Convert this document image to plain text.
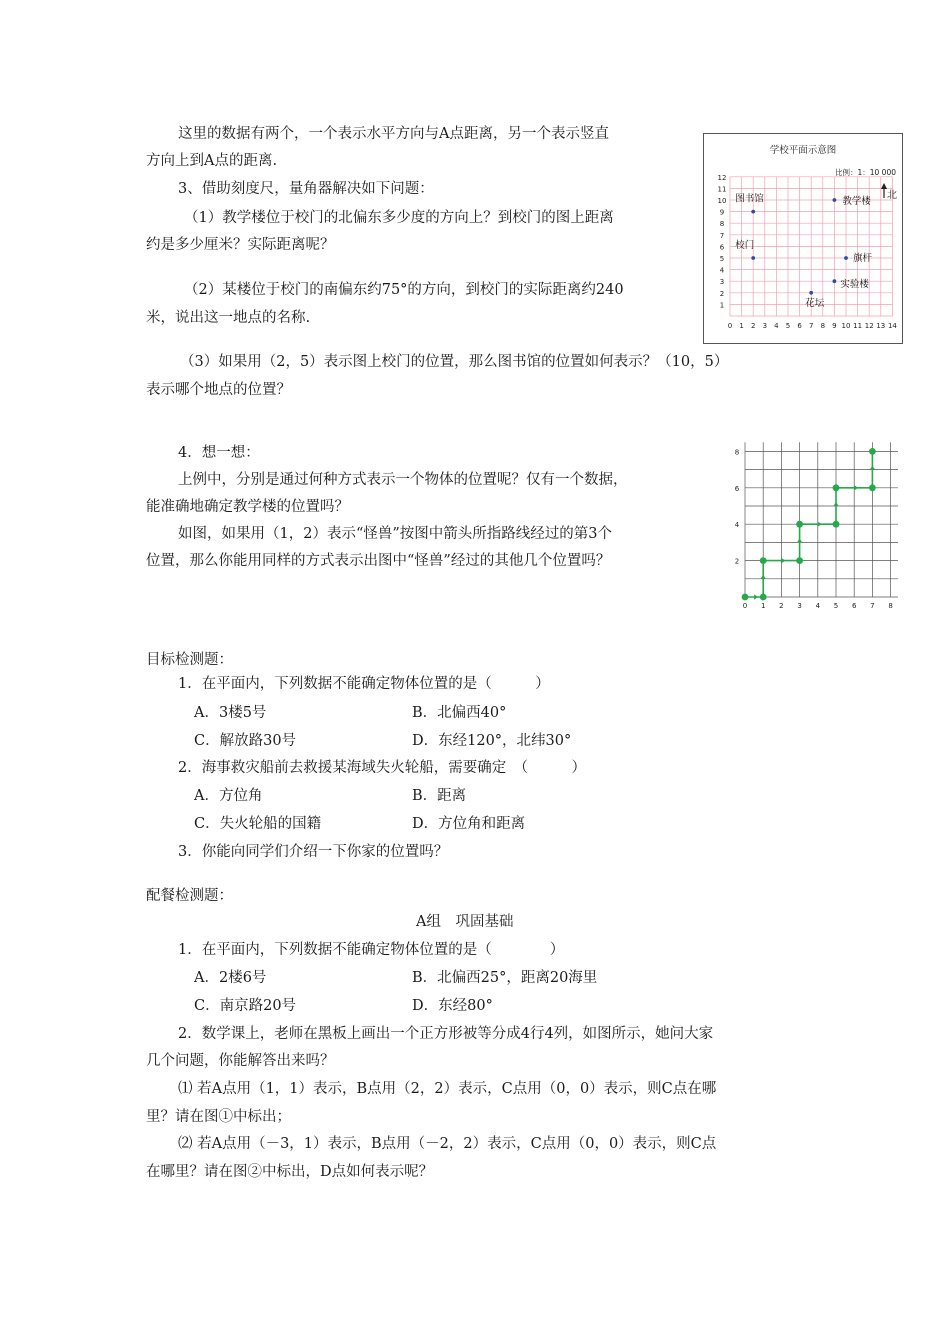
这里的数据有两个，一个表示水平方向与A点距离，另一个表示竖直
方向上到A点的距离.
3、借助刻度尺，量角器解决如下问题：
（1）教学楼位于校门的北偏东多少度的方向上？到校门的图上距离
约是多少厘米？实际距离呢？
（2）某楼位于校门的南偏东约75°的方向，到校门的实际距离约240
米，说出这一地点的名称.
（3）如果用（2，5）表示图上校门的位置，那么图书馆的位置如何表示？（10，5）
表示哪个地点的位置？
学校平面示意图
比例：1：10 000
0 1 2 3 4 5 6 7 8 9 10 11 12 13 14
1
2
3
4
5
6
7
8
9
10
11
12
北
图书馆	教学楼
校门
旗杆
实验楼
花坛
4．想一想：
上例中，分别是通过何种方式表示一个物体的位置呢？仅有一个数据，
能准确地确定教学楼的位置吗？
如图，如果用（1，2）表示“怪兽”按图中箭头所指路线经过的第3个
位置，那么你能用同样的方式表示出图中“怪兽”经过的其他几个位置吗？
0 1 2 3 4 5 6 7 8
2
4
6
8
目标检测题：
1．在平面内，下列数据不能确定物体位置的是（　　　）
A．3楼5号	B．北偏西40°
C．解放路30号	D．东经120°，北纬30°
2．海事救灾船前去救援某海域失火轮船，需要确定　（　　　）
A．方位角	B．距离
C．失火轮船的国籍	D．方位角和距离
3．你能向同学们介绍一下你家的位置吗？
配餐检测题：
A组　巩固基础
1．在平面内，下列数据不能确定物体位置的是（　　　　）
A．2楼6号	B．北偏西25°，距离20海里
C．南京路20号	D．东经80°
2．数学课上，老师在黑板上画出一个正方形被等分成4行4列，如图所示，她问大家
几个问题，你能解答出来吗？
⑴ 若A点用（1，1）表示，B点用（2，2）表示，C点用（0，0）表示，则C点在哪
里？请在图①中标出；
⑵ 若A点用（－3，1）表示，B点用（－2，2）表示，C点用（0，0）表示，则C点
在哪里？请在图②中标出，D点如何表示呢？
